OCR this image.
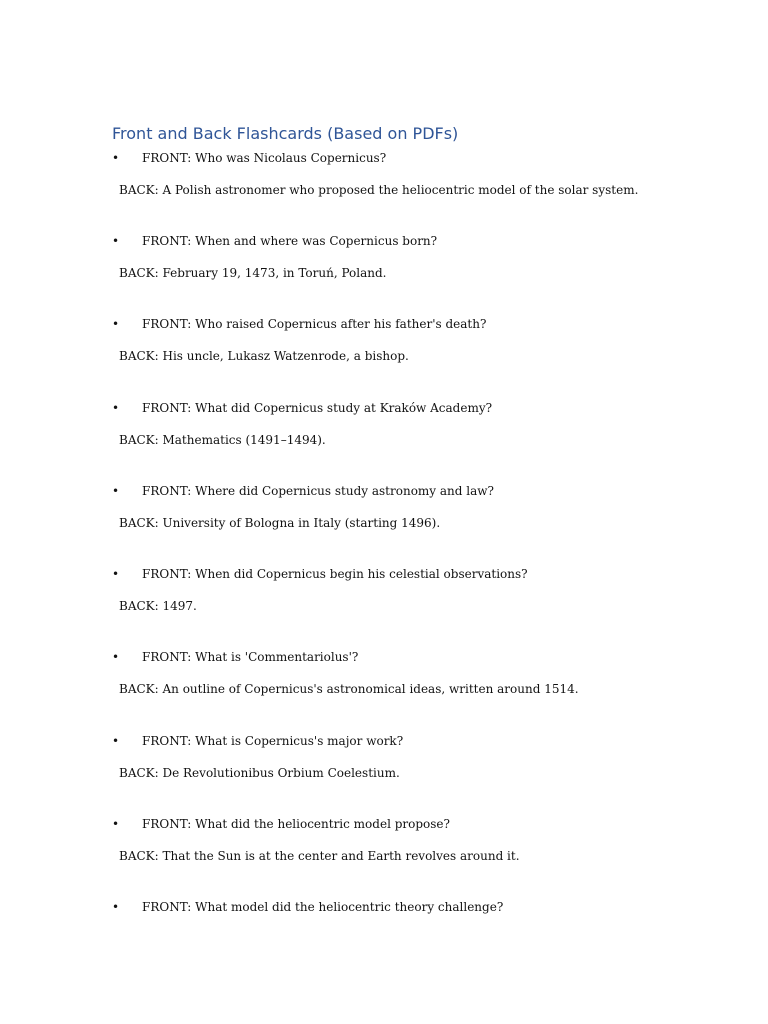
Front and Back Flashcards (Based on PDFs)
• FRONT: Who was Nicolaus Copernicus?
BACK: A Polish astronomer who proposed the heliocentric model of the solar system.
• FRONT: When and where was Copernicus born?
BACK: February 19, 1473, in Toruń, Poland.
• FRONT: Who raised Copernicus after his father's death?
BACK: His uncle, Lukasz Watzenrode, a bishop.
• FRONT: What did Copernicus study at Kraków Academy?
BACK: Mathematics (1491–1494).
• FRONT: Where did Copernicus study astronomy and law?
BACK: University of Bologna in Italy (starting 1496).
• FRONT: When did Copernicus begin his celestial observations?
BACK: 1497.
• FRONT: What is 'Commentariolus'?
BACK: An outline of Copernicus's astronomical ideas, written around 1514.
• FRONT: What is Copernicus's major work?
BACK: De Revolutionibus Orbium Coelestium.
• FRONT: What did the heliocentric model propose?
BACK: That the Sun is at the center and Earth revolves around it.
• FRONT: What model did the heliocentric theory challenge?
